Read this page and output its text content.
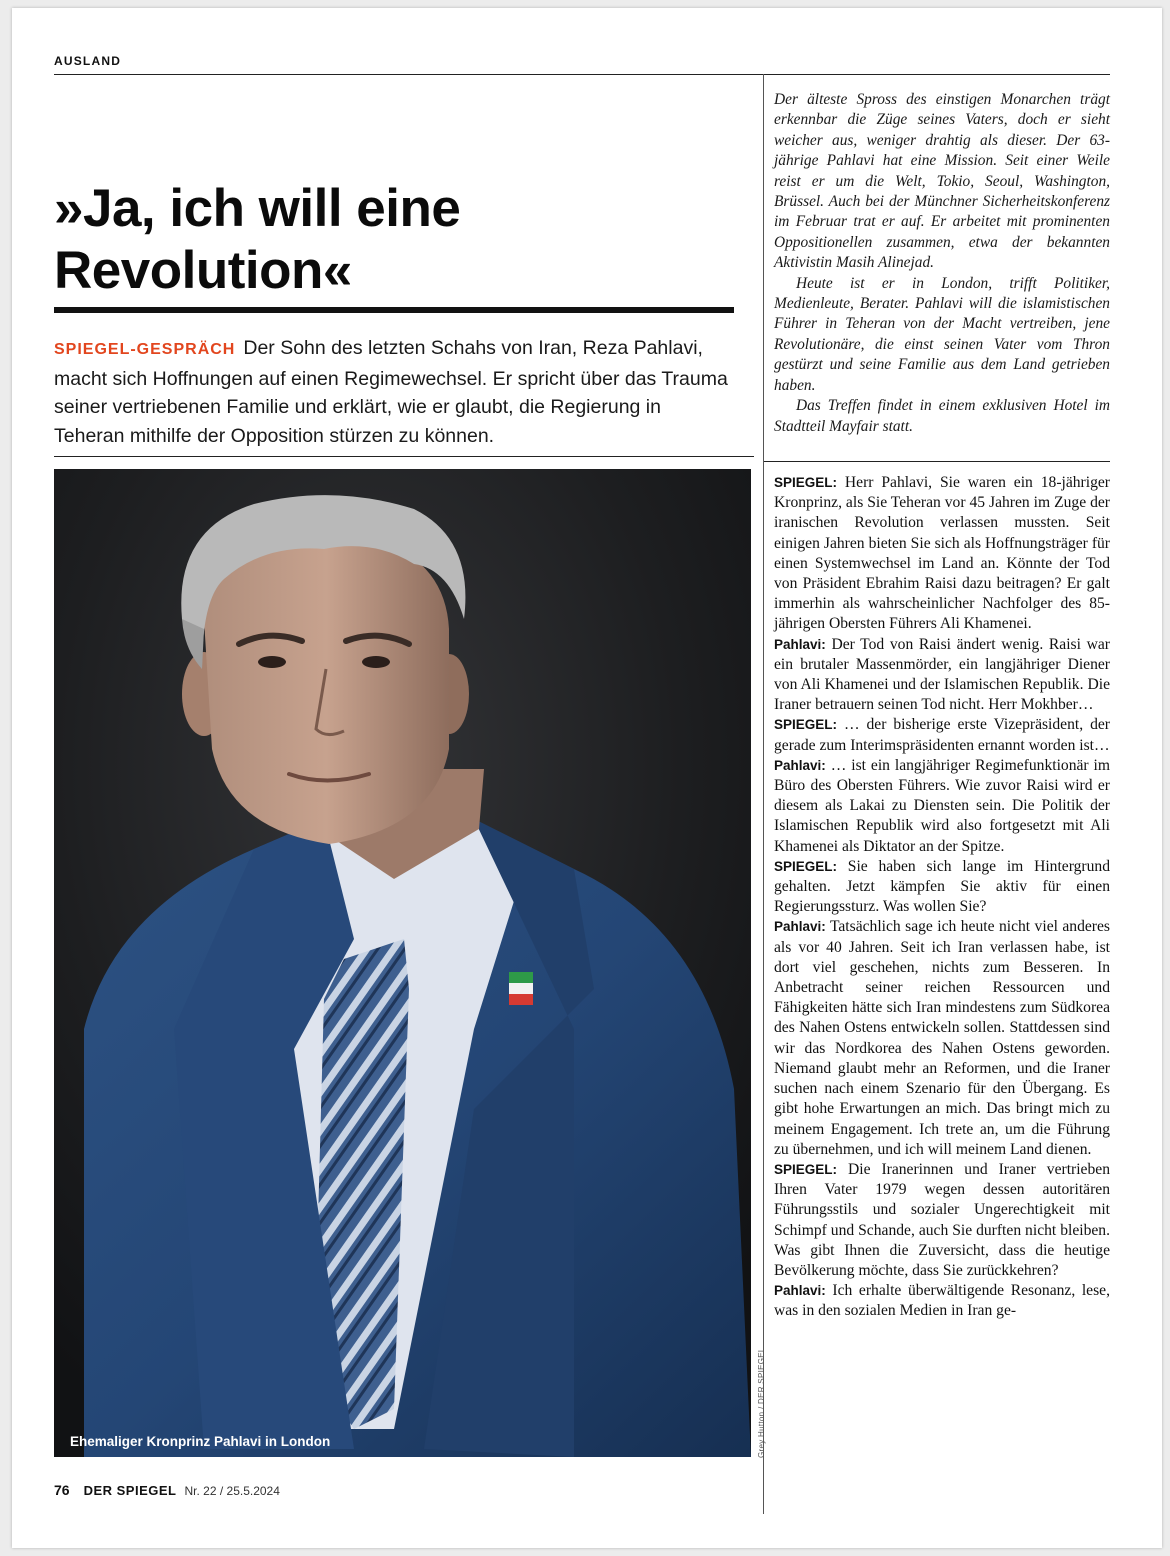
AUSLAND
»Ja, ich will eine Revolution«

SPIEGEL-GESPRÄCH Der Sohn des letzten Schahs von Iran, Reza Pahlavi, macht sich Hoffnungen auf einen Regimewechsel. Er spricht über das Trauma seiner vertriebenen Familie und erklärt, wie er glaubt, die Regierung in Teheran mithilfe der Opposition stürzen zu können.

Ehemaliger Kronprinz Pahlavi in London	Grey Hutton / DER SPIEGEL

Der älteste Spross des einstigen Monarchen trägt erkennbar die Züge seines Vaters, doch er sieht weicher aus, weniger drahtig als dieser. Der 63-jährige Pahlavi hat eine Mission. Seit einer Weile reist er um die Welt, Tokio, Seoul, Washington, Brüssel. Auch bei der Münchner Sicherheitskonferenz im Februar trat er auf. Er arbeitet mit prominenten Oppositionellen zusammen, etwa der bekannten Aktivistin Masih Alinejad.

Heute ist er in London, trifft Politiker, Medienleute, Berater. Pahlavi will die islamistischen Führer in Teheran von der Macht vertreiben, jene Revolutionäre, die einst seinen Vater vom Thron gestürzt und seine Familie aus dem Land getrieben haben.

Das Treffen findet in einem exklusiven Hotel im Stadtteil Mayfair statt.

SPIEGEL: Herr Pahlavi, Sie waren ein 18-jähriger Kronprinz, als Sie Teheran vor 45 Jahren im Zuge der iranischen Revolution verlassen mussten. Seit einigen Jahren bieten Sie sich als Hoffnungsträger für einen Systemwechsel im Land an. Könnte der Tod von Präsident Ebrahim Raisi dazu beitragen? Er galt immerhin als wahrscheinlicher Nachfolger des 85-jährigen Obersten Führers Ali Khamenei.

Pahlavi: Der Tod von Raisi ändert wenig. Raisi war ein brutaler Massenmörder, ein langjähriger Diener von Ali Khamenei und der Islamischen Republik. Die Iraner betrauern seinen Tod nicht. Herr Mokhber…

SPIEGEL: … der bisherige erste Vizepräsident, der gerade zum Interimspräsidenten ernannt worden ist…

Pahlavi: … ist ein langjähriger Regimefunktionär im Büro des Obersten Führers. Wie zuvor Raisi wird er diesem als Lakai zu Diensten sein. Die Politik der Islamischen Republik wird also fortgesetzt mit Ali Khamenei als Diktator an der Spitze.

SPIEGEL: Sie haben sich lange im Hintergrund gehalten. Jetzt kämpfen Sie aktiv für einen Regierungssturz. Was wollen Sie?

Pahlavi: Tatsächlich sage ich heute nicht viel anderes als vor 40 Jahren. Seit ich Iran verlassen habe, ist dort viel geschehen, nichts zum Besseren. In Anbetracht seiner reichen Ressourcen und Fähigkeiten hätte sich Iran mindestens zum Südkorea des Nahen Ostens entwickeln sollen. Stattdessen sind wir das Nordkorea des Nahen Ostens geworden. Niemand glaubt mehr an Reformen, und die Iraner suchen nach einem Szenario für den Übergang. Es gibt hohe Erwartungen an mich. Das bringt mich zu meinem Engagement. Ich trete an, um die Führung zu übernehmen, und ich will meinem Land dienen.

SPIEGEL: Die Iranerinnen und Iraner vertrieben Ihren Vater 1979 wegen dessen autoritären Führungsstils und sozialer Ungerechtigkeit mit Schimpf und Schande, auch Sie durften nicht bleiben. Was gibt Ihnen die Zuversicht, dass die heutige Bevölkerung möchte, dass Sie zurückkehren?

Pahlavi: Ich erhalte überwältigende Resonanz, lese, was in den sozialen Medien in Iran ge-

76 DER SPIEGEL Nr. 22 / 25.5.2024
